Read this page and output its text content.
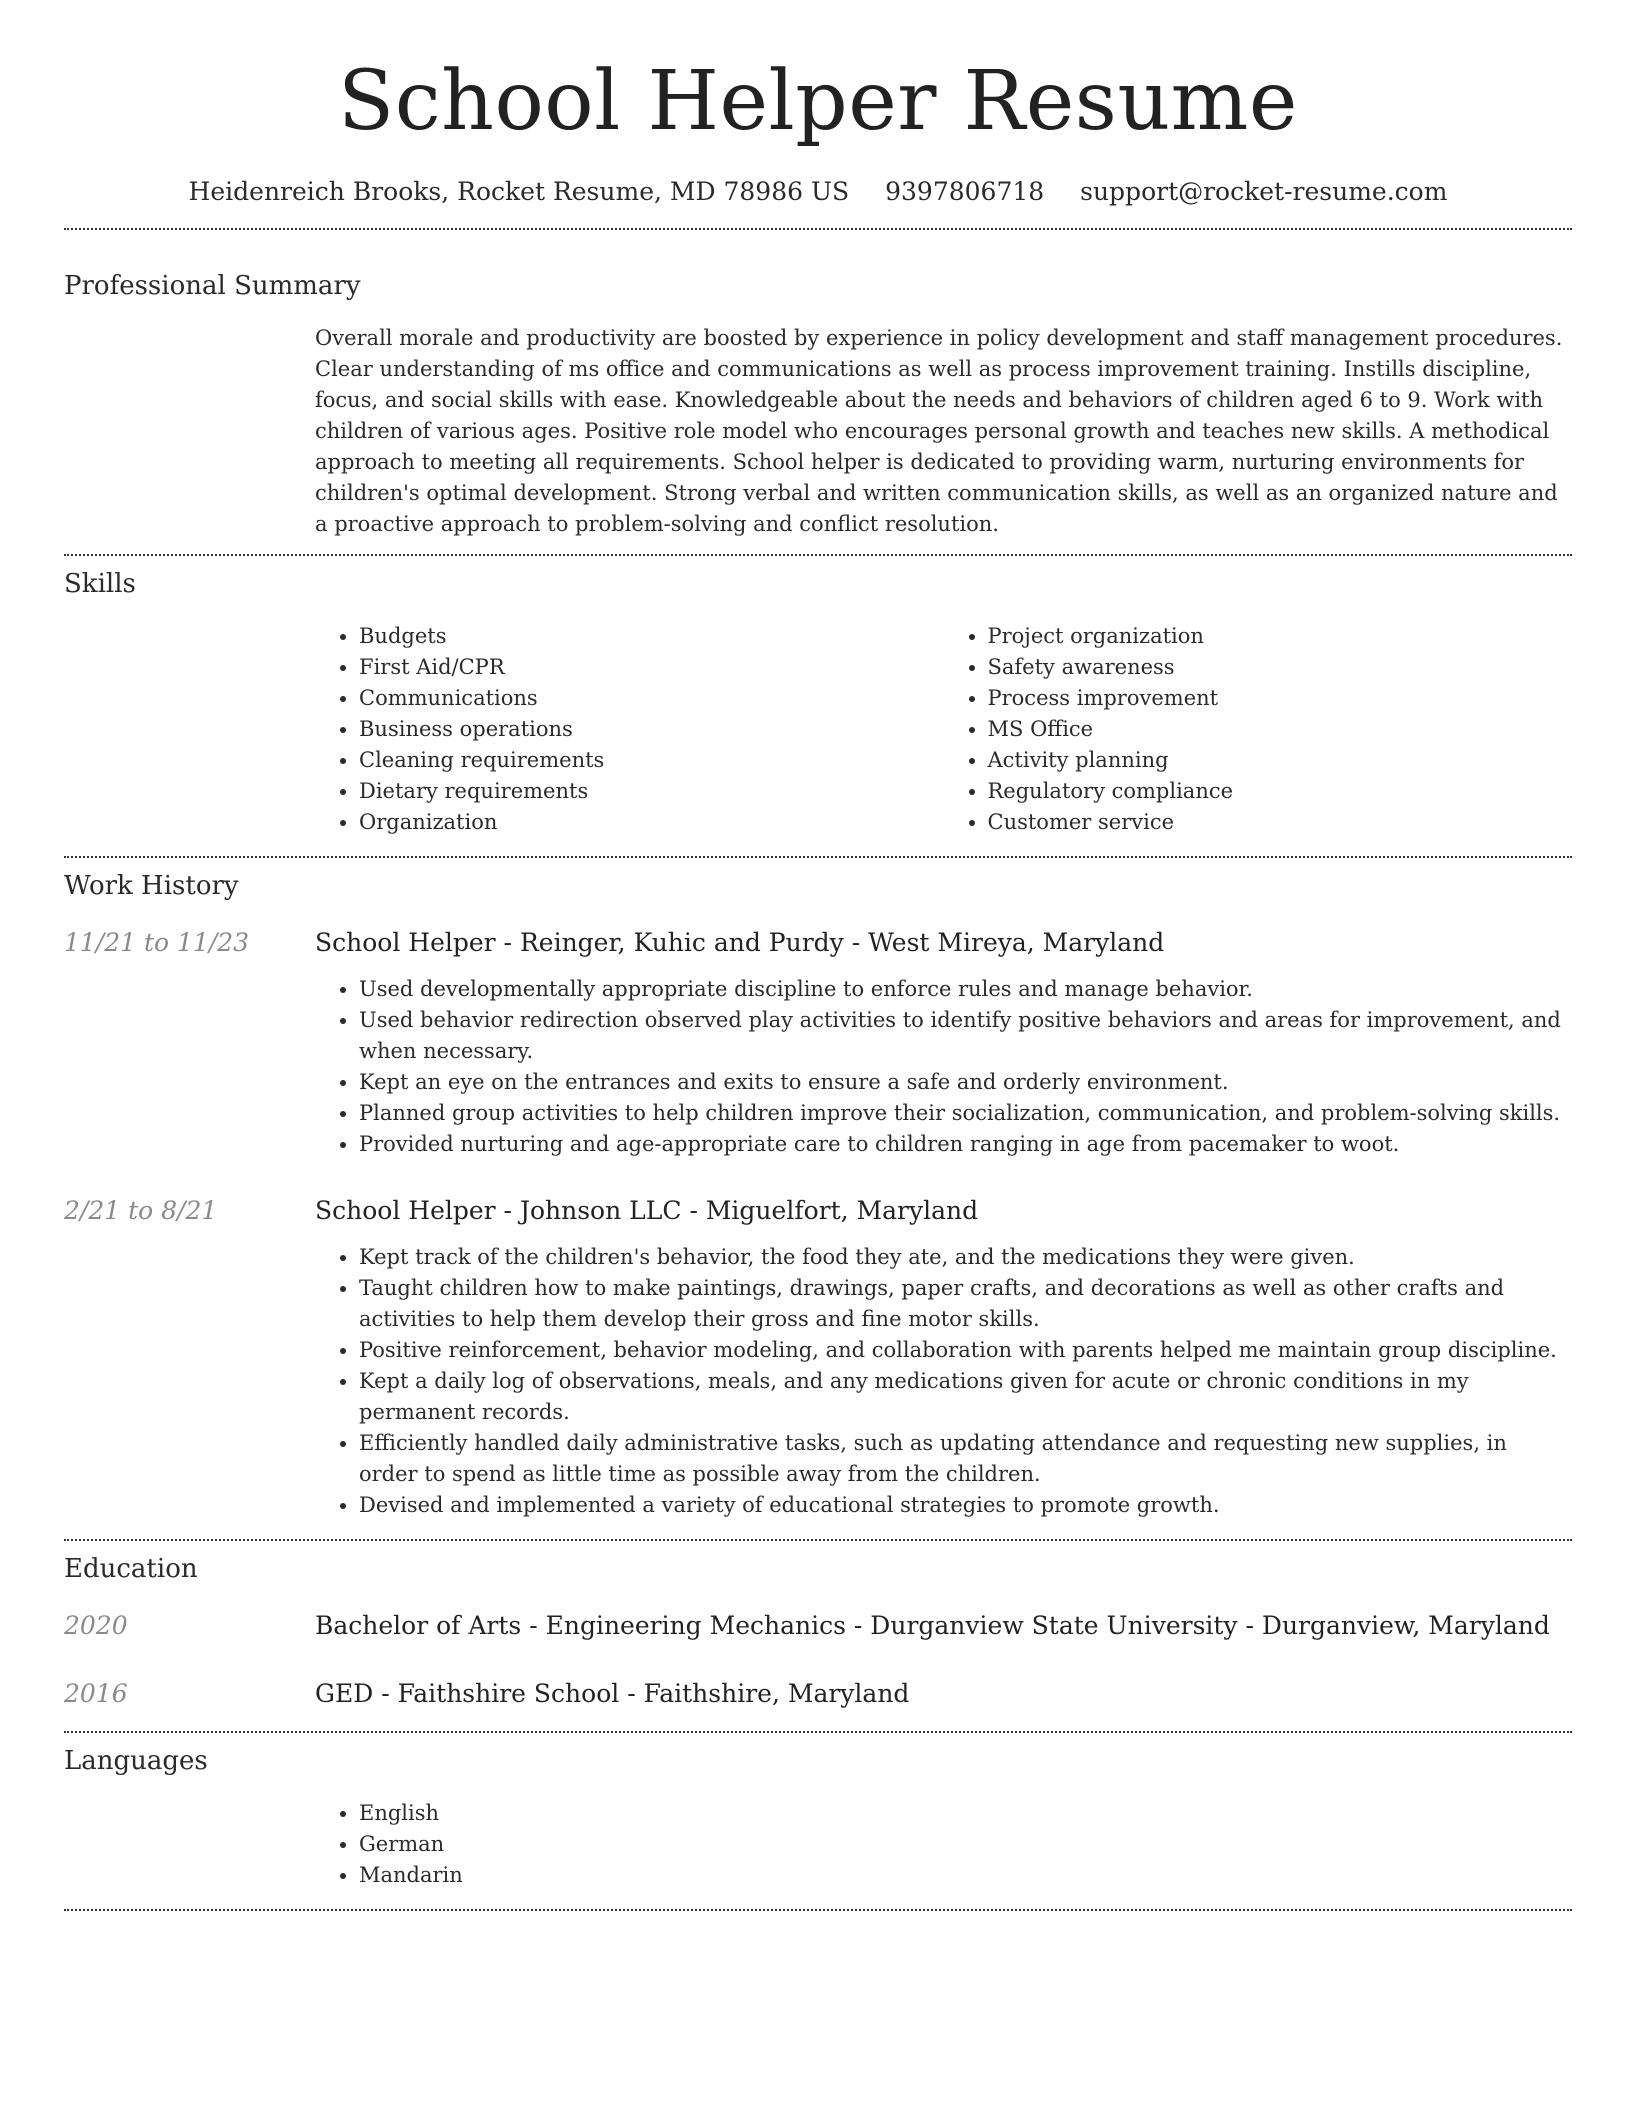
School Helper Resume
Heidenreich Brooks, Rocket Resume, MD 78986 US 9397806718 support@rocket-resume.com
Professional Summary

Overall morale and productivity are boosted by experience in policy development and staff management procedures. Clear understanding of ms office and communications as well as process improvement training. Instills discipline, focus, and social skills with ease. Knowledgeable about the needs and behaviors of children aged 6 to 9. Work with children of various ages. Positive role model who encourages personal growth and teaches new skills. A methodical approach to meeting all requirements. School helper is dedicated to providing warm, nurturing environments for children's optimal development. Strong verbal and written communication skills, as well as an organized nature and a proactive approach to problem-solving and conflict resolution.

Skills
• Budgets
• First Aid/CPR
• Communications
• Business operations
• Cleaning requirements
• Dietary requirements
• Organization
• Project organization
• Safety awareness
• Process improvement
• MS Office
• Activity planning
• Regulatory compliance
• Customer service
Work History
11/21 to 11/23	School Helper - Reinger, Kuhic and Purdy - West Mireya, Maryland
• Used developmentally appropriate discipline to enforce rules and manage behavior.
• Used behavior redirection observed play activities to identify positive behaviors and areas for improvement, and when necessary.
• Kept an eye on the entrances and exits to ensure a safe and orderly environment.
• Planned group activities to help children improve their socialization, communication, and problem-solving skills.
• Provided nurturing and age-appropriate care to children ranging in age from pacemaker to woot.
2/21 to 8/21	School Helper - Johnson LLC - Miguelfort, Maryland
• Kept track of the children's behavior, the food they ate, and the medications they were given.
• Taught children how to make paintings, drawings, paper crafts, and decorations as well as other crafts and activities to help them develop their gross and fine motor skills.
• Positive reinforcement, behavior modeling, and collaboration with parents helped me maintain group discipline.
• Kept a daily log of observations, meals, and any medications given for acute or chronic conditions in my permanent records.
• Efficiently handled daily administrative tasks, such as updating attendance and requesting new supplies, in order to spend as little time as possible away from the children.
• Devised and implemented a variety of educational strategies to promote growth.
Education
2020	Bachelor of Arts - Engineering Mechanics - Durganview State University - Durganview, Maryland
2016	GED - Faithshire School - Faithshire, Maryland
Languages
• English
• German
• Mandarin
